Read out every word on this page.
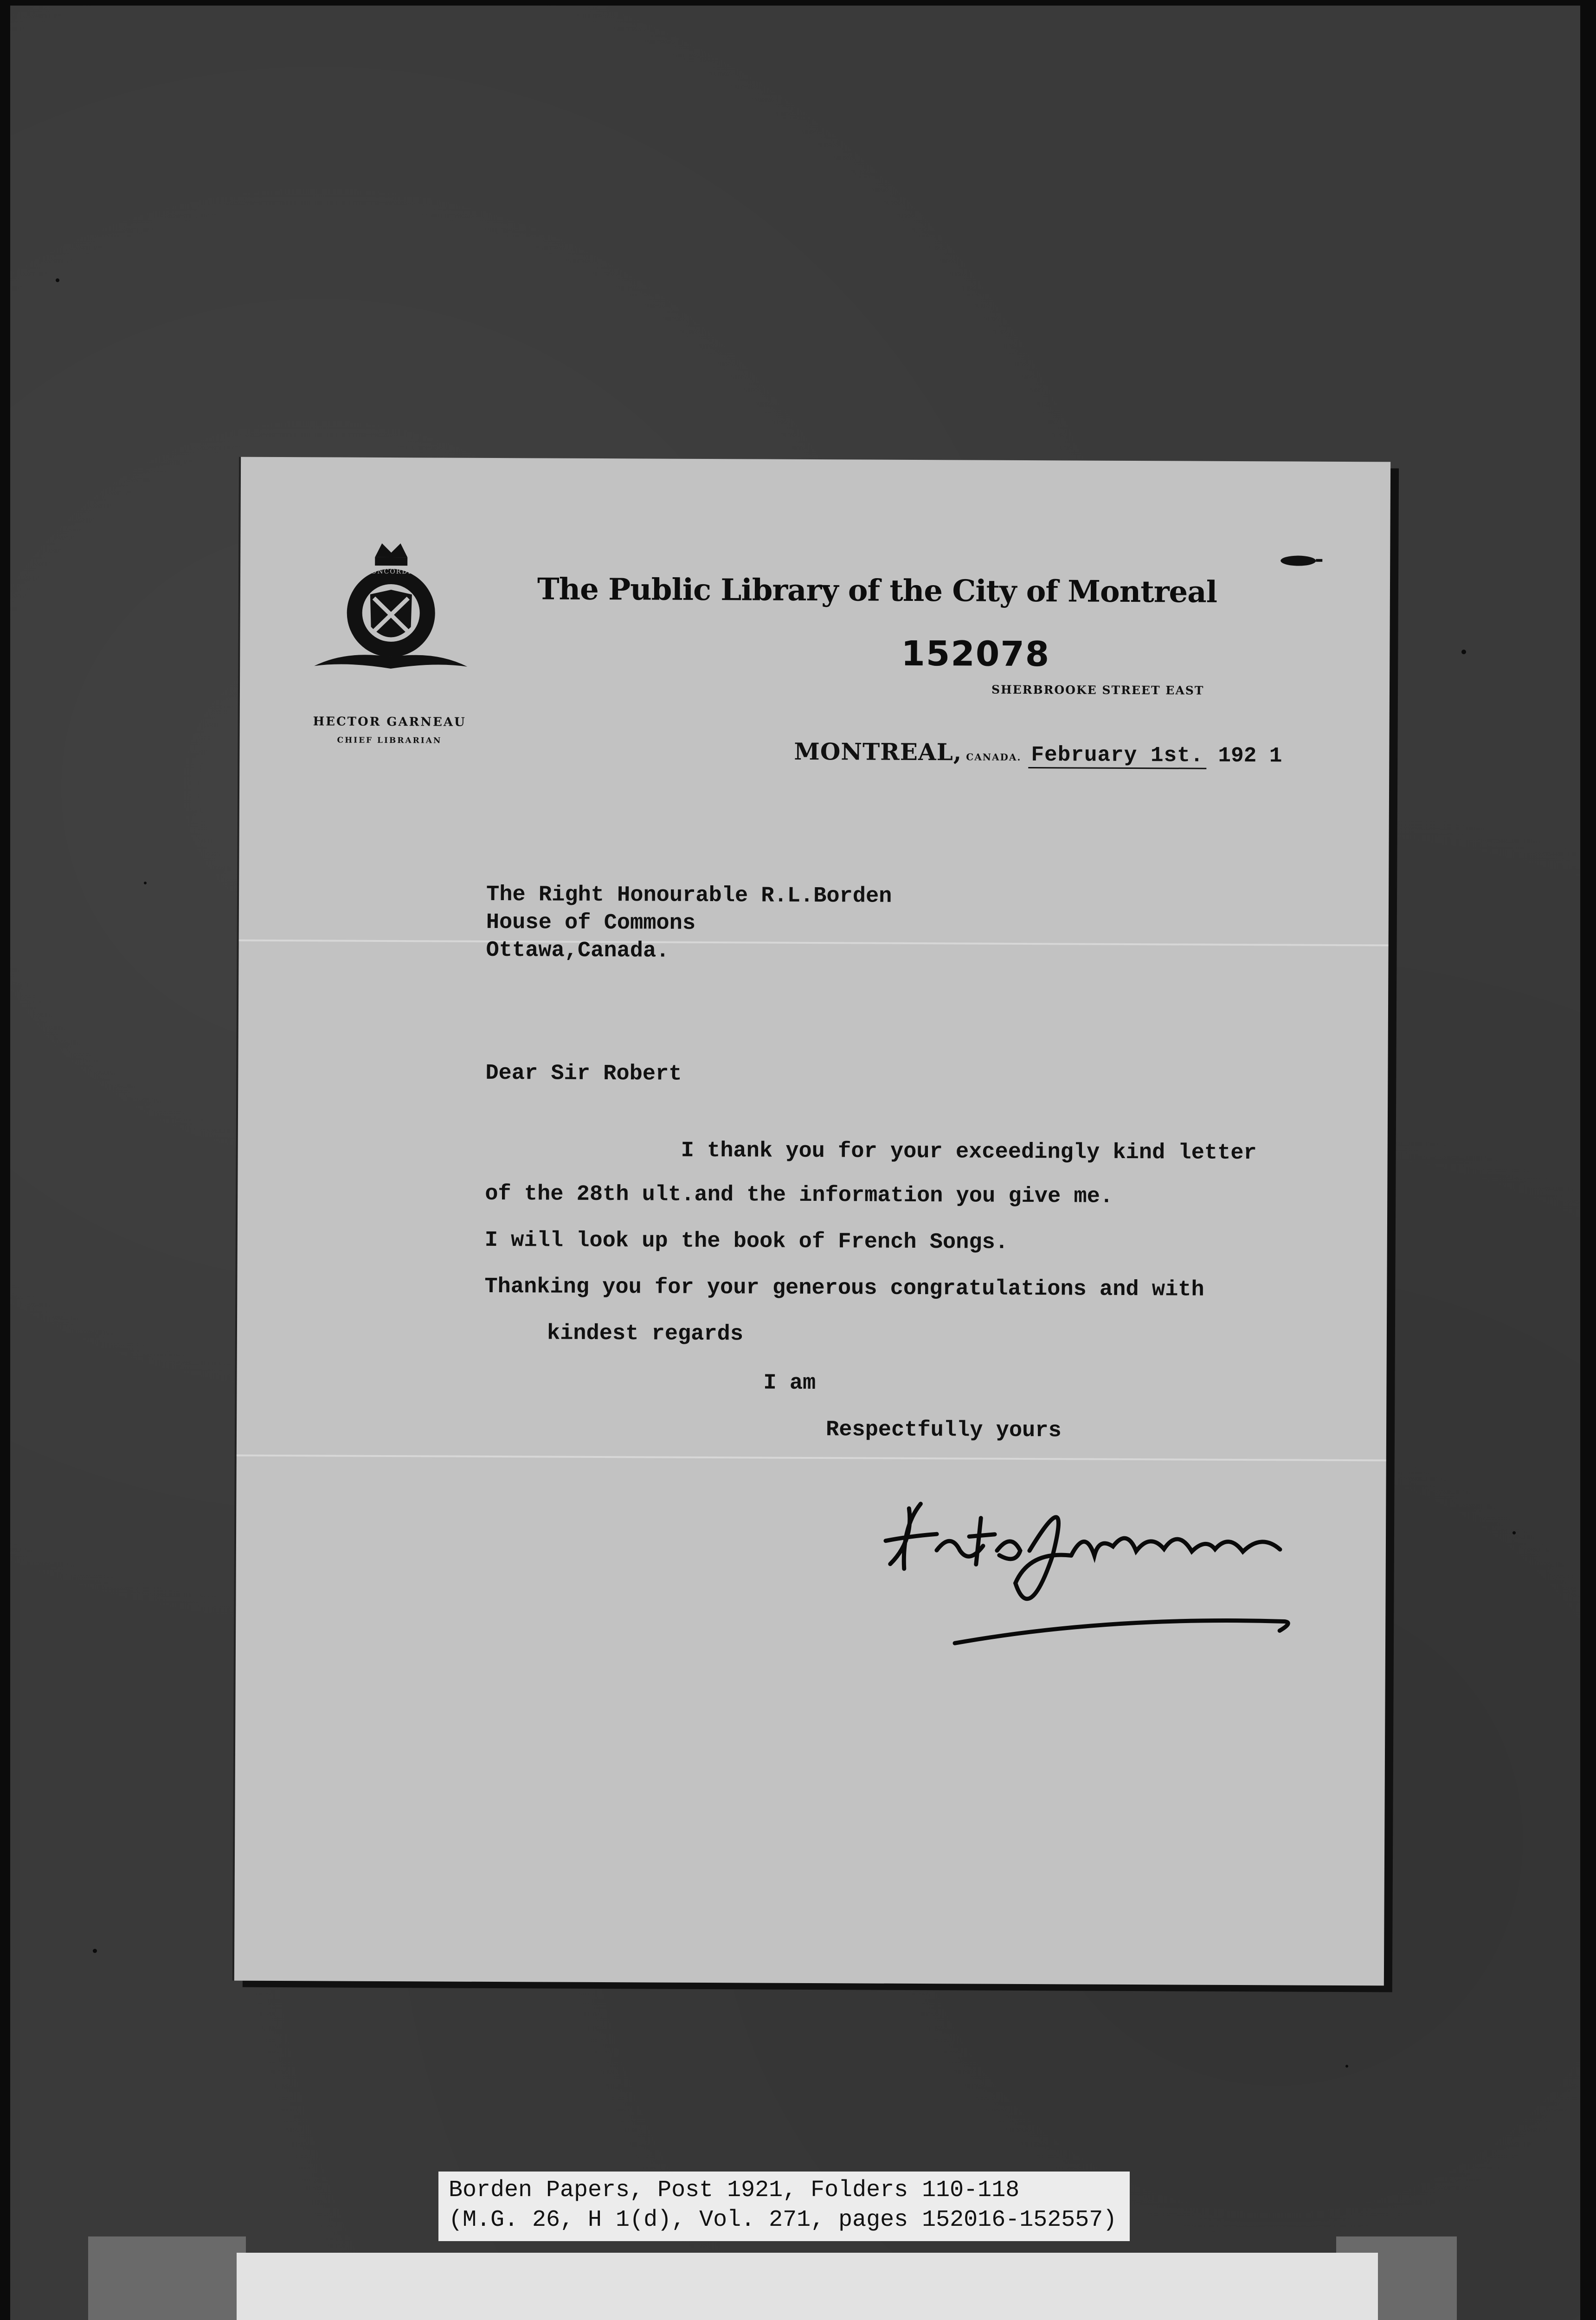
CONCORDIA
HECTOR GARNEAU
CHIEF LIBRARIAN
The Public Library of the City of Montreal
152078
SHERBROOKE STREET EAST
MONTREAL, CANADA. February 1st. 192 1
The Right Honourable R.L.Borden
House of Commons
Ottawa,Canada.
Dear Sir Robert
I thank you for your exceedingly kind letter
of the 28th ult.and the information you give me.
I will look up the book of French Songs.
Thanking you for your generous congratulations and with
kindest regards
I am
Respectfully yours
Borden Papers, Post 1921, Folders 110-118
(M.G. 26, H 1(d), Vol. 271, pages 152016-152557)
